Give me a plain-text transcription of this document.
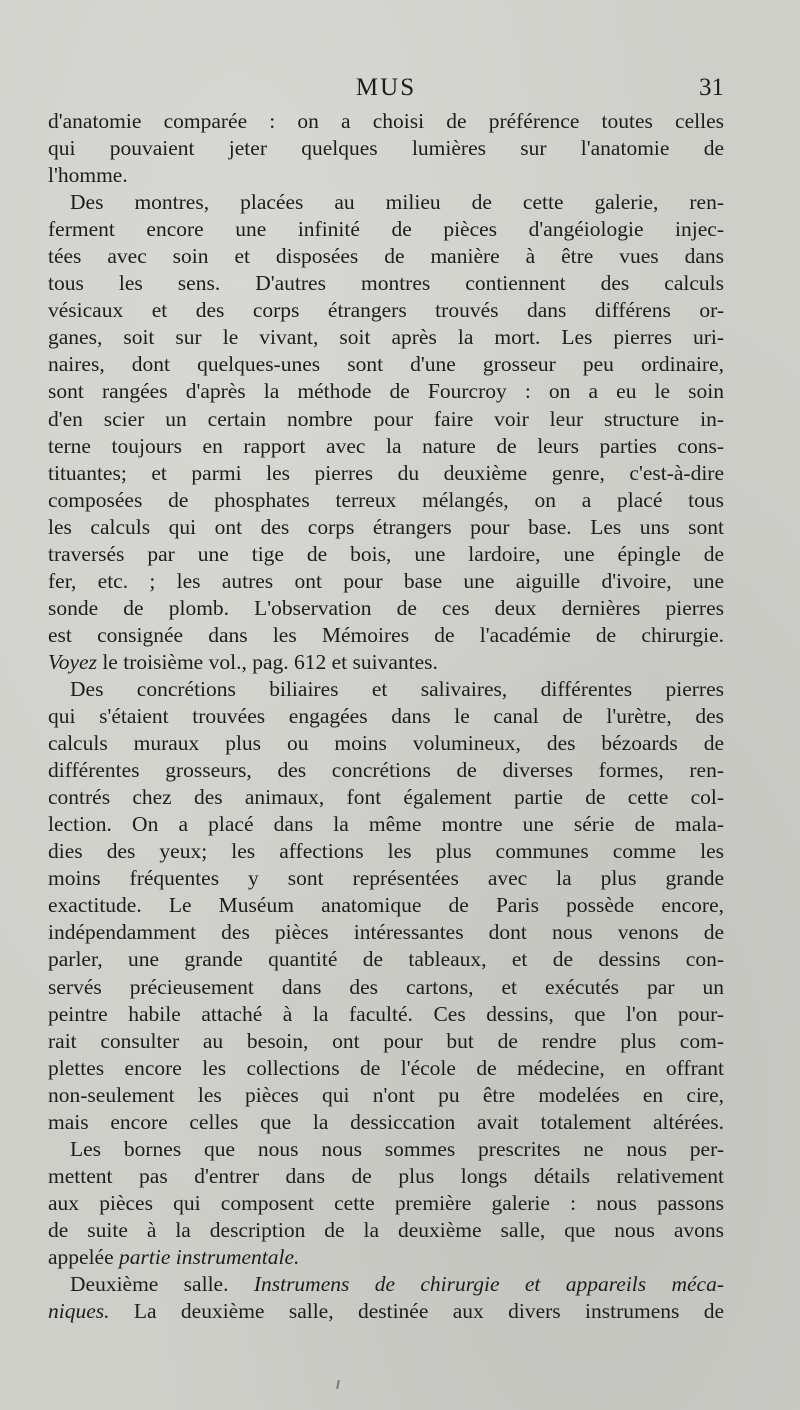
MUS	31
d'anatomie comparée : on a choisi de préférence toutes celles
qui pouvaient jeter quelques lumières sur l'anatomie de
l'homme.
Des montres, placées au milieu de cette galerie, ren-
ferment encore une infinité de pièces d'angéiologie injec-
tées avec soin et disposées de manière à être vues dans
tous les sens. D'autres montres contiennent des calculs
vésicaux et des corps étrangers trouvés dans différens or-
ganes, soit sur le vivant, soit après la mort. Les pierres uri-
naires, dont quelques-unes sont d'une grosseur peu ordinaire,
sont rangées d'après la méthode de Fourcroy : on a eu le soin
d'en scier un certain nombre pour faire voir leur structure in-
terne toujours en rapport avec la nature de leurs parties cons-
tituantes; et parmi les pierres du deuxième genre, c'est-à-dire
composées de phosphates terreux mélangés, on a placé tous
les calculs qui ont des corps étrangers pour base. Les uns sont
traversés par une tige de bois, une lardoire, une épingle de
fer, etc. ; les autres ont pour base une aiguille d'ivoire, une
sonde de plomb. L'observation de ces deux dernières pierres
est consignée dans les Mémoires de l'académie de chirurgie.
Voyez le troisième vol., pag. 612 et suivantes.
Des concrétions biliaires et salivaires, différentes pierres
qui s'étaient trouvées engagées dans le canal de l'urètre, des
calculs muraux plus ou moins volumineux, des bézoards de
différentes grosseurs, des concrétions de diverses formes, ren-
contrés chez des animaux, font également partie de cette col-
lection. On a placé dans la même montre une série de mala-
dies des yeux; les affections les plus communes comme les
moins fréquentes y sont représentées avec la plus grande
exactitude. Le Muséum anatomique de Paris possède encore,
indépendamment des pièces intéressantes dont nous venons de
parler, une grande quantité de tableaux, et de dessins con-
servés précieusement dans des cartons, et exécutés par un
peintre habile attaché à la faculté. Ces dessins, que l'on pour-
rait consulter au besoin, ont pour but de rendre plus com-
plettes encore les collections de l'école de médecine, en offrant
non-seulement les pièces qui n'ont pu être modelées en cire,
mais encore celles que la dessiccation avait totalement altérées.
Les bornes que nous nous sommes prescrites ne nous per-
mettent pas d'entrer dans de plus longs détails relativement
aux pièces qui composent cette première galerie : nous passons
de suite à la description de la deuxième salle, que nous avons
appelée partie instrumentale.
Deuxième salle. Instrumens de chirurgie et appareils méca-
niques. La deuxième salle, destinée aux divers instrumens de
